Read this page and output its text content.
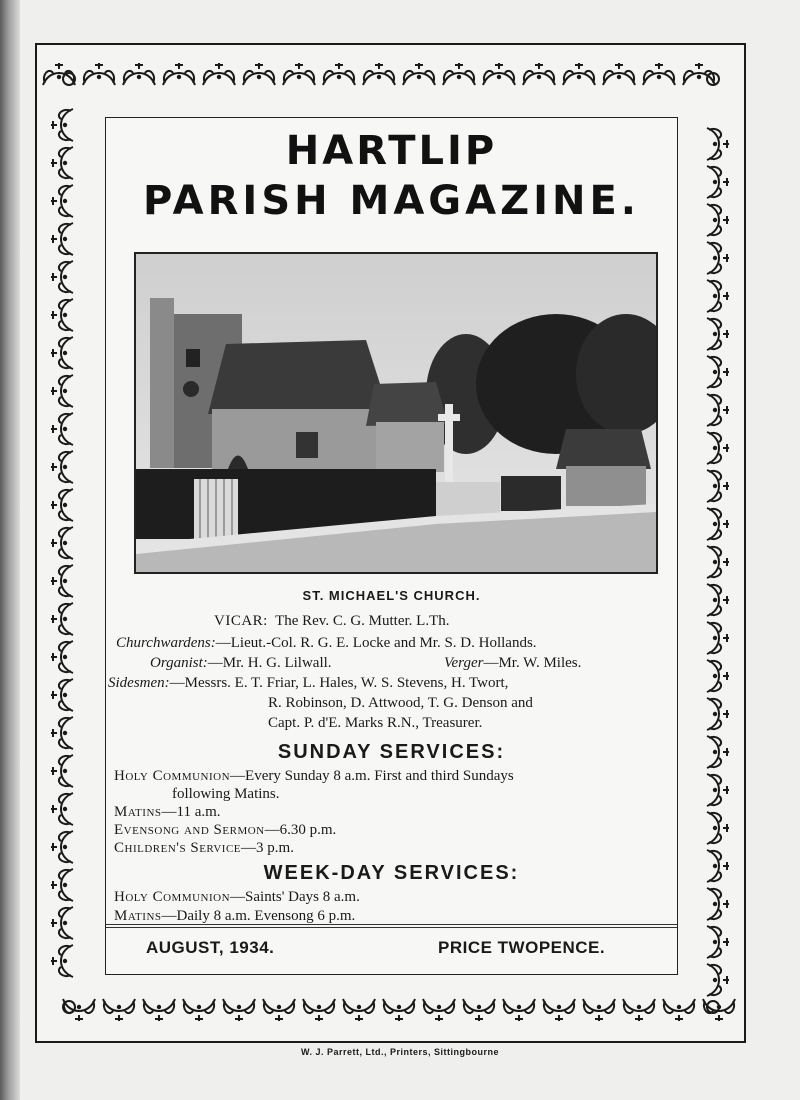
HARTLIP
PARISH MAGAZINE.
ST. MICHAEL'S CHURCH.
VICAR: The Rev. C. G. Mutter. L.Th.
Churchwardens:—Lieut.-Col. R. G. E. Locke and Mr. S. D. Hollands.
Organist:—Mr. H. G. Lilwall.	Verger—Mr. W. Miles.
Sidesmen:—Messrs. E. T. Friar, L. Hales, W. S. Stevens, H. Twort,
R. Robinson, D. Attwood, T. G. Denson and
Capt. P. d'E. Marks R.N., Treasurer.
SUNDAY SERVICES:
Holy Communion—Every Sunday 8 a.m. First and third Sundays
following Matins.
Matins—11 a.m.
Evensong and Sermon—6.30 p.m.
Children's Service—3 p.m.
WEEK-DAY SERVICES:
Holy Communion—Saints' Days 8 a.m.
Matins—Daily 8 a.m. Evensong 6 p.m.
AUGUST, 1934.	PRICE TWOPENCE.
W. J. Parrett, Ltd., Printers, Sittingbourne
